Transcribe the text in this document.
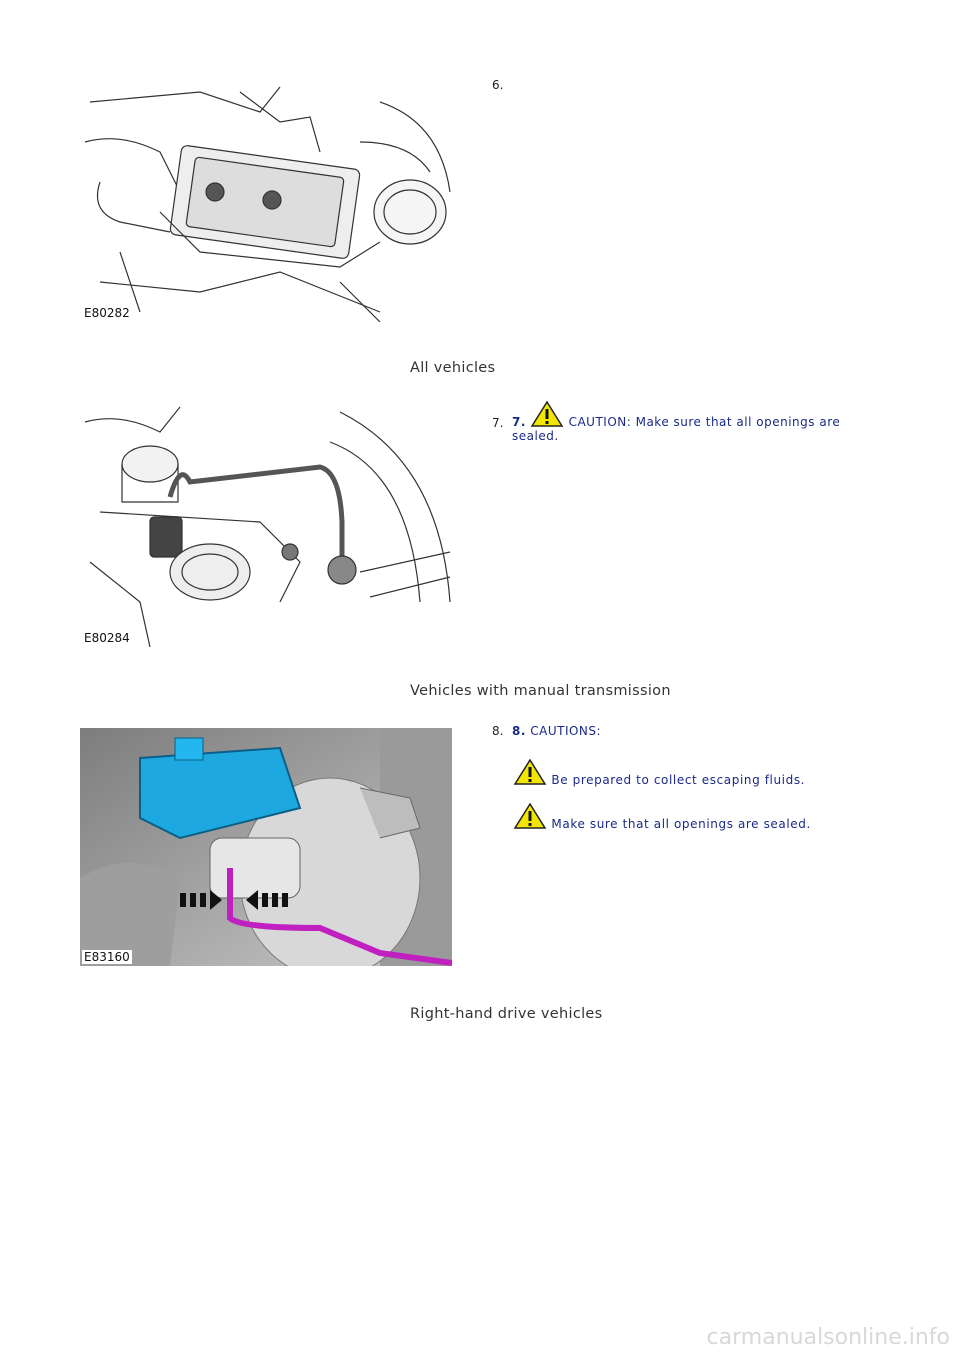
E80282
6.
All vehicles
E80284
7. 7.	CAUTION: Make sure that all openings are sealed.
Vehicles with manual transmission
E83160
8. 8. CAUTIONS:
Be prepared to collect escaping fluids.
Make sure that all openings are sealed.
Right-hand drive vehicles
carmanualsonline.info
